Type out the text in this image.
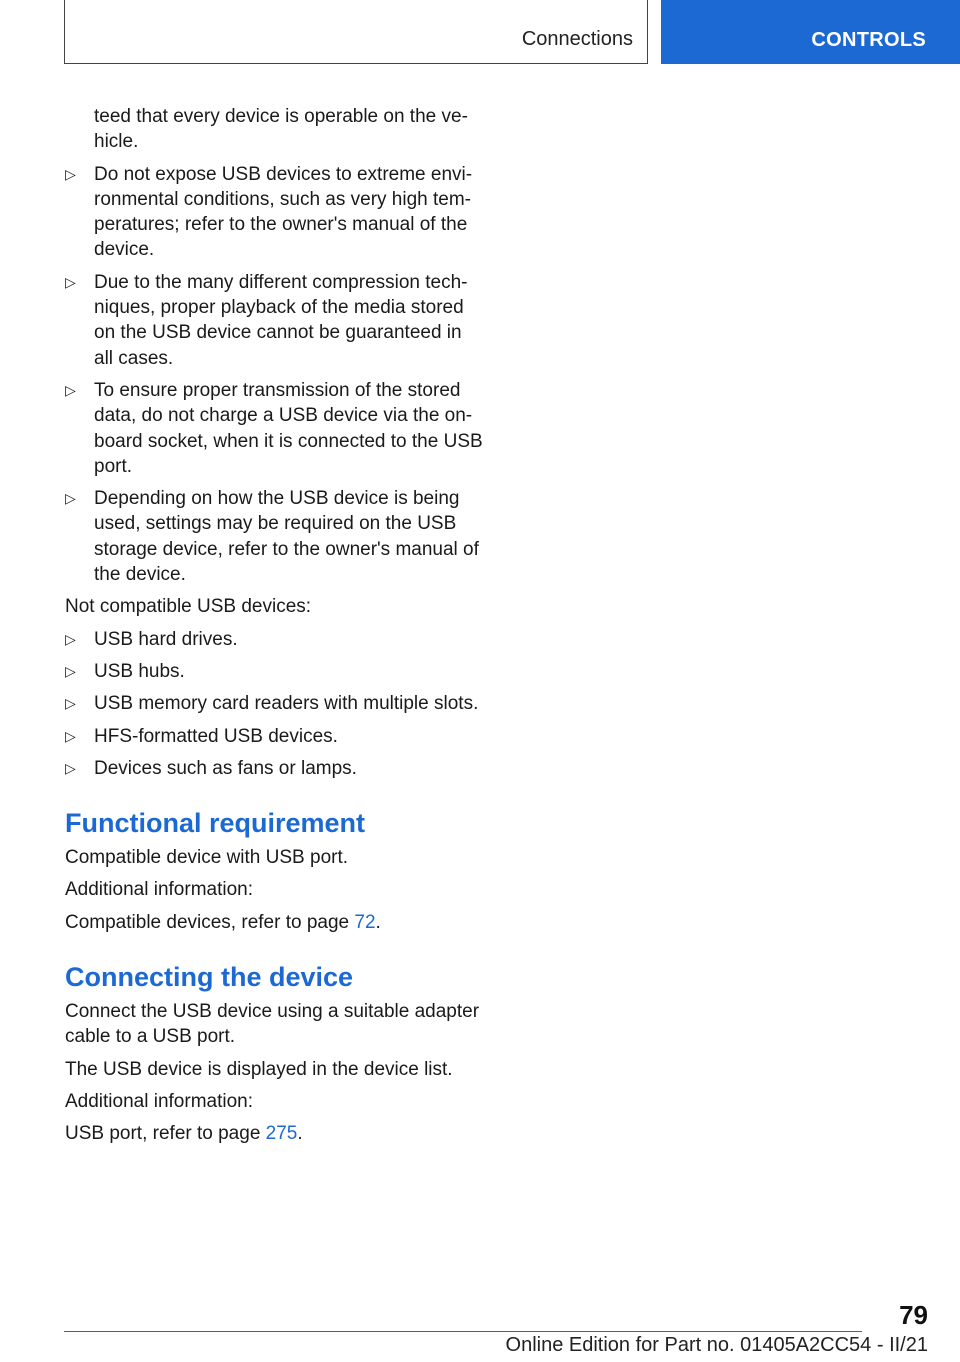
Connections	CONTROLS
teed that every device is operable on the ve-hicle.
▷ Do not expose USB devices to extreme envi-ronmental conditions, such as very high tem-peratures; refer to the owner's manual of the device.
▷ Due to the many different compression tech-niques, proper playback of the media stored on the USB device cannot be guaranteed in all cases.
▷ To ensure proper transmission of the stored data, do not charge a USB device via the on-board socket, when it is connected to the USB port.
▷ Depending on how the USB device is being used, settings may be required on the USB storage device, refer to the owner's manual of the device.
Not compatible USB devices:
▷ USB hard drives.
▷ USB hubs.
▷ USB memory card readers with multiple slots.
▷ HFS-formatted USB devices.
▷ Devices such as fans or lamps.
Functional requirement
Compatible device with USB port.
Additional information:
Compatible devices, refer to page 72.
Connecting the device
Connect the USB device using a suitable adapter cable to a USB port.
The USB device is displayed in the device list.
Additional information:
USB port, refer to page 275.
79
Online Edition for Part no. 01405A2CC54 - II/21
